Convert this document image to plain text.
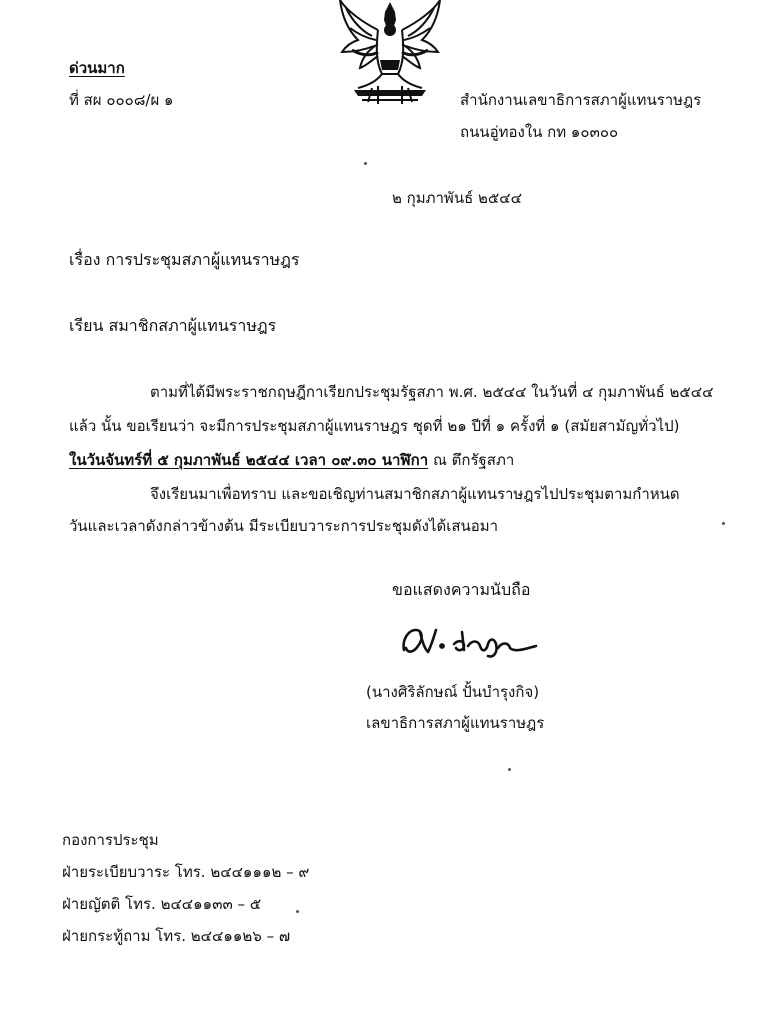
ด่วนมาก
ที่ สผ ๐๐๐๘/ผ ๑	สำนักงานเลขาธิการสภาผู้แทนราษฎร
ถนนอู่ทองใน กท ๑๐๓๐๐
๒ กุมภาพันธ์ ๒๕๔๔
เรื่อง การประชุมสภาผู้แทนราษฎร
เรียน สมาชิกสภาผู้แทนราษฎร
ตามที่ได้มีพระราชกฤษฎีกาเรียกประชุมรัฐสภา พ.ศ. ๒๕๔๔ ในวันที่ ๔ กุมภาพันธ์ ๒๕๔๔
แล้ว นั้น ขอเรียนว่า จะมีการประชุมสภาผู้แทนราษฎร ชุดที่ ๒๑ ปีที่ ๑ ครั้งที่ ๑ (สมัยสามัญทั่วไป)
ในวันจันทร์ที่ ๕ กุมภาพันธ์ ๒๕๔๔ เวลา ๐๙.๓๐ นาฬิกา ณ ตึกรัฐสภา
จึงเรียนมาเพื่อทราบ และขอเชิญท่านสมาชิกสภาผู้แทนราษฎรไปประชุมตามกำหนด
วันและเวลาดังกล่าวข้างต้น มีระเบียบวาระการประชุมดังได้เสนอมา
ขอแสดงความนับถือ
(นางศิริลักษณ์ ปั้นบำรุงกิจ)
เลขาธิการสภาผู้แทนราษฎร
กองการประชุม
ฝ่ายระเบียบวาระ โทร. ๒๔๔๑๑๑๒ – ๙
ฝ่ายญัตติ โทร. ๒๔๔๑๑๓๓ – ๕
ฝ่ายกระทู้ถาม โทร. ๒๔๔๑๑๒๖ – ๗
